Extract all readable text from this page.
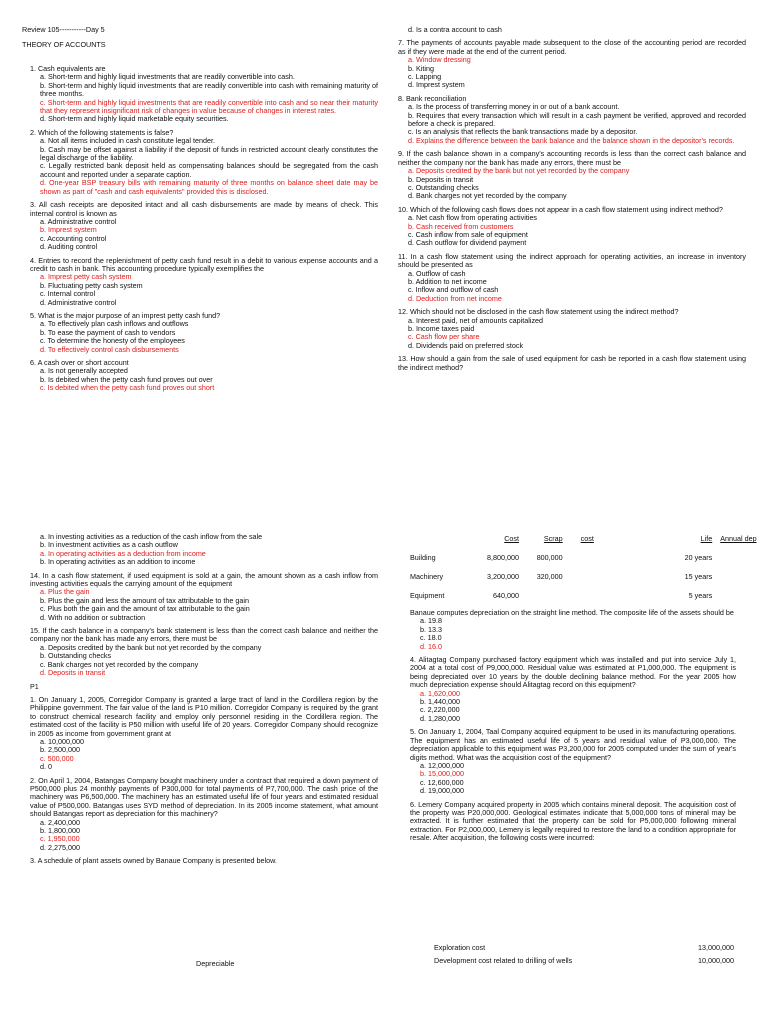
Review 105-----------Day 5

THEORY OF ACCOUNTS

1. Cash equivalents are

a. Short-term and highly liquid investments that are readily convertible into cash.

b. Short-term and highly liquid investments that are readily convertible into cash with remaining maturity of three months.

c. Short-term and highly liquid investments that are readily convertible into cash and so near their maturity that they represent insignificant risk of changes in value because of changes in interest rates.

d. Short-term and highly liquid marketable equity securities.

2. Which of the following statements is false?

a. Not all items included in cash constitute legal tender.

b. Cash may be offset against a liability if the deposit of funds in restricted account clearly constitutes the legal discharge of the liability.

c. Legally restricted bank deposit held as compensating balances should be segregated from the cash account and reported under a separate caption.

d. One-year BSP treasury bills with remaining maturity of three months on balance sheet date may be shown as part of "cash and cash equivalents" provided this is disclosed.

3. All cash receipts are deposited intact and all cash disbursements are made by means of check. This internal control is known as

a. Administrative control

b. Imprest system

c. Accounting control

d. Auditing control

4. Entries to record the replenishment of petty cash fund result in a debit to various expense accounts and a credit to cash in bank. This accounting procedure typically exemplifies the

a. Imprest petty cash system

b. Fluctuating petty cash system

c. Internal control

d. Administrative control

5. What is the major purpose of an imprest petty cash fund?

a. To effectively plan cash inflows and outflows

b. To ease the payment of cash to vendors

c. To determine the honesty of the employees

d. To effectively control cash disbursements

6. A cash over or short account

a. Is not generally accepted

b. Is debited when the petty cash fund proves out over

c. Is debited when the petty cash fund proves out short

d. Is a contra account to cash

7. The payments of accounts payable made subsequent to the close of the accounting period are recorded as if they were made at the end of the current period.

a. Window dressing

b. Kiting

c. Lapping

d. Imprest system

8. Bank reconciliation

a. Is the process of transferring money in or out of a bank account.

b. Requires that every transaction which will result in a cash payment be verified, approved and recorded before a check is prepared.

c. Is an analysis that reflects the bank transactions made by a depositor.

d. Explains the difference between the bank balance and the balance shown in the depositor's records.

9. If the cash balance shown in a company's accounting records is less than the correct cash balance and neither the company nor the bank has made any errors, there must be

a. Deposits credited by the bank but not yet recorded by the company

b. Deposits in transit

c. Outstanding checks

d. Bank charges not yet recorded by the company

10. Which of the following cash flows does not appear in a cash flow statement using indirect method?

a. Net cash flow from operating activities

b. Cash received from customers

c. Cash inflow from sale of equipment

d. Cash outflow for dividend payment

11. In a cash flow statement using the indirect approach for operating activities, an increase in inventory should be presented as

a. Outflow of cash

b. Addition to net income

c. Inflow and outflow of cash

d. Deduction from net income

12. Which should not be disclosed in the cash flow statement using the indirect method?

a. Interest paid, net of amounts capitalized

b. Income taxes paid

c. Cash flow per share

d. Dividends paid on preferred stock

13. How should a gain from the sale of used equipment for cash be reported in a cash flow statement using the indirect method?

a. In investing activities as a reduction of the cash inflow from the sale

b. In investment activities as a cash outflow

a. In operating activities as a deduction from income

b. In operating activities as an addition to income

14. In a cash flow statement, if used equipment is sold at a gain, the amount shown as a cash inflow from investing activities equals the carrying amount of the equipment

a. Plus the gain

b. Plus the gain and less the amount of tax attributable to the gain

c. Plus both the gain and the amount of tax attributable to the gain

d. With no addition or subtraction

15. If the cash balance in a company's bank statement is less than the correct cash balance and neither the company nor the bank has made any errors, there must be

a. Deposits credited by the bank but not yet recorded by the company

b. Outstanding checks

c. Bank charges not yet recorded by the company

d. Deposits in transit

P1

1. On January 1, 2005, Corregidor Company is granted a large tract of land in the Cordillera region by the Philippine government. The fair value of the land is P10 million. Corregidor Company is required by the grant to construct chemical research facility and employ only personnel residing in the Cordillera region. The estimated cost of the facility is P50 million with useful life of 20 years. Corregidor Company should recognize in 2005 as income from government grant at

a. 10,000,000

b. 2,500,000

c. 500,000

d. 0

2. On April 1, 2004, Batangas Company bought machinery under a contract that required a down payment of P500,000 plus 24 monthly payments of P300,000 for total payments of P7,700,000. The cash price of the machinery was P6,500,000. The machinery has an estimated useful life of four years and estimated residual value of P500,000. Batangas uses SYD method of depreciation. In its 2005 income statement, what amount should Batangas report as depreciation for this machinery?

a. 2,400,000

b. 1,800,000

c. 1,950,000

d. 2,275,000

3. A schedule of plant assets owned by Banaue Company is presented below.

Depreciable
	Cost	Scrap	cost	Life	Annual dep
Building	8,800,000	800,000		20 years	
Machinery	3,200,000	320,000		15 years	
Equipment	640,000			5 years	

Banaue computes depreciation on the straight line method. The composite life of the assets should be

a. 19.8

b. 13.3

c. 18.0

d. 16.0

4. Alitagtag Company purchased factory equipment which was installed and put into service July 1, 2004 at a total cost of P9,000,000. Residual value was estimated at P1,000,000. The equipment is being depreciated over 10 years by the double declining balance method. For the year 2005 how much depreciation expense should Alitagtag record on this equipment?

a. 1,620,000

b. 1,440,000

c. 2,220,000

d. 1,280,000

5. On January 1, 2004, Taal Company acquired equipment to be used in its manufacturing operations. The equipment has an estimated useful life of 5 years and residual value of P3,000,000. The depreciation applicable to this equipment was P3,200,000 for 2005 computed under the sum of year's digits method. What was the acquisition cost of the equipment?

a. 12,000,000

b. 15,000,000

c. 12,600,000

d. 19,000,000

6. Lemery Company acquired property in 2005 which contains mineral deposit. The acquisition cost of the property was P20,000,000. Geological estimates indicate that 5,000,000 tons of mineral may be extracted. It is further estimated that the property can be sold for P5,000,000 following mineral extraction. For P2,000,000, Lemery is legally required to restore the land to a condition appropriate for resale. After acquisition, the following costs were incurred:

Exploration cost	13,000,000
Development cost related to drilling of wells	10,000,000
